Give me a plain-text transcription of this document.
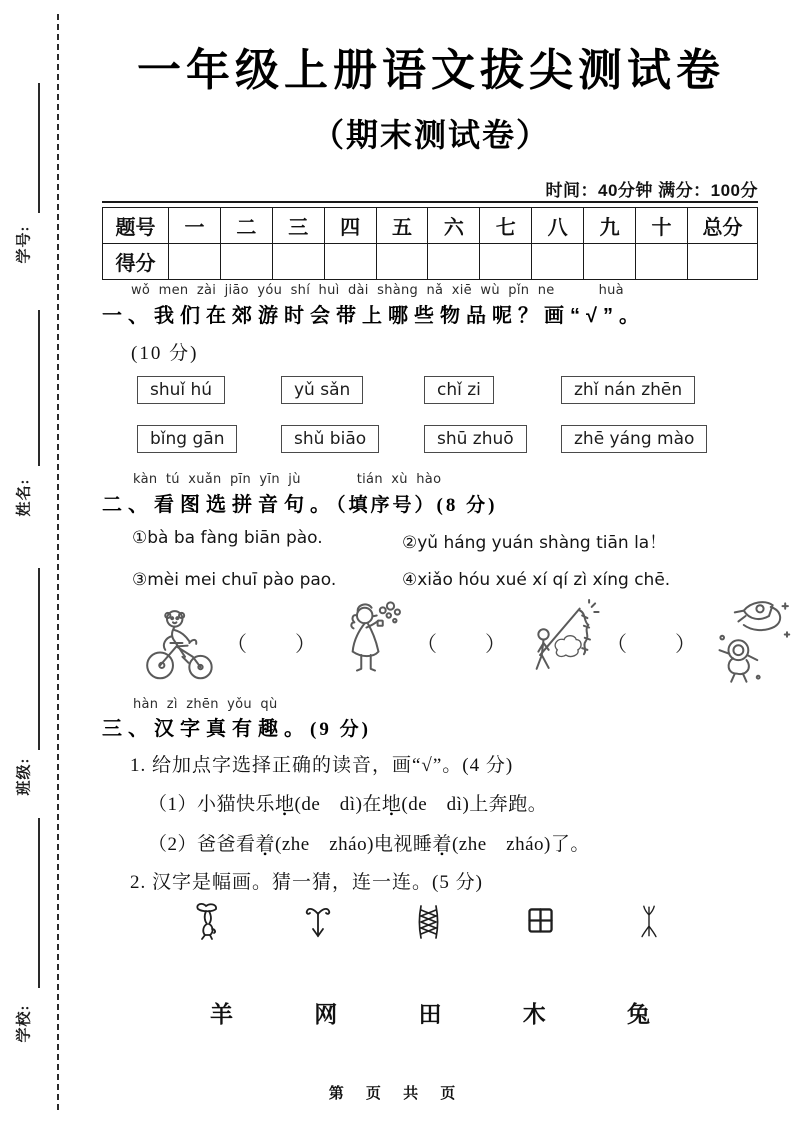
学号:
姓名:
班级:
学校:
一年级上册语文拔尖测试卷
（期末测试卷）
时间：40分钟 满分：100分
题号	一	二	三	四	五	六	七	八	九	十	总分
得分											
wǒ men zài jiāo yóu shí huì dài shàng nǎ xiē wù pǐn ne	huà
一、我们在郊游时会带上哪些物品呢？画“√”。
(10 分)
shuǐ hú	yǔ sǎn	chǐ zi	zhǐ nán zhēn
bǐng gān	shǔ biāo	shū zhuō	zhē yáng mào
kàn tú xuǎn pīn yīn jù	tián xù hào
二、看图选拼音句。（填序号）(8 分)
①bà ba fàng biān pào.	②yǔ háng yuán shàng tiān la！
③mèi mei chuī pào pao.	④xiǎo hóu xué xí qí zì xíng chē.
（　　）	（　　）	（　　）
hàn zì zhēn yǒu qù
三、汉字真有趣。(9 分)
1. 给加点字选择正确的读音，画“√”。(4 分)
（1）小猫快乐地(de　dì)在地(de　dì)上奔跑。
（2）爸爸看着(zhe　zháo)电视睡着(zhe　zháo)了。
2. 汉字是幅画。猜一猜，连一连。(5 分)
羊	网	田	木	兔
第 页 共 页
